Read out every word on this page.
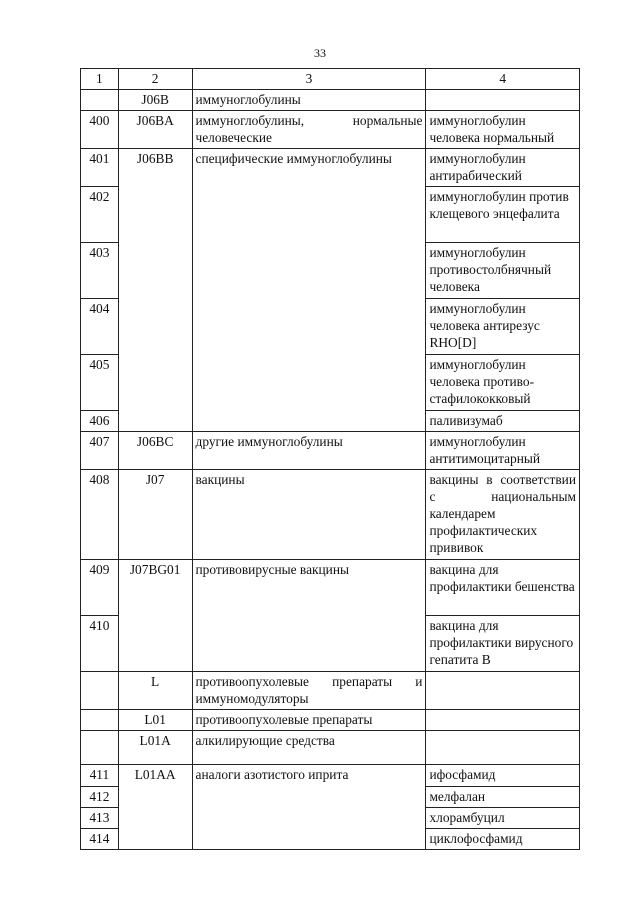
33
1	2	3	4
	J06B	иммуноглобулины	
400	J06BA	иммуноглобулины, нормальные человеческие	иммуноглобулин человека нормальный
401	J06BB	специфические иммуноглобулины	иммуноглобулин антирабический
402			иммуноглобулин против клещевого энцефалита
403			иммуноглобулин противостолбнячный человека
404			иммуноглобулин человека антирезус RHO[D]
405			иммуноглобулин человека противо-стафилококковый
406			паливизумаб
407	J06BC	другие иммуноглобулины	иммуноглобулин антитимоцитарный
408	J07	вакцины	вакцины в соответствии с национальным календарем профилактических прививок
409	J07BG01	противовирусные вакцины	вакцина для профилактики бешенства
410			вакцина для профилактики вирусного гепатита B
	L	противоопухолевые препараты и иммуномодуляторы	
	L01	противоопухолевые препараты	
	L01A	алкилирующие средства	
411	L01AA	аналоги азотистого иприта	ифосфамид
412			мелфалан
413			хлорамбуцил
414			циклофосфамид
